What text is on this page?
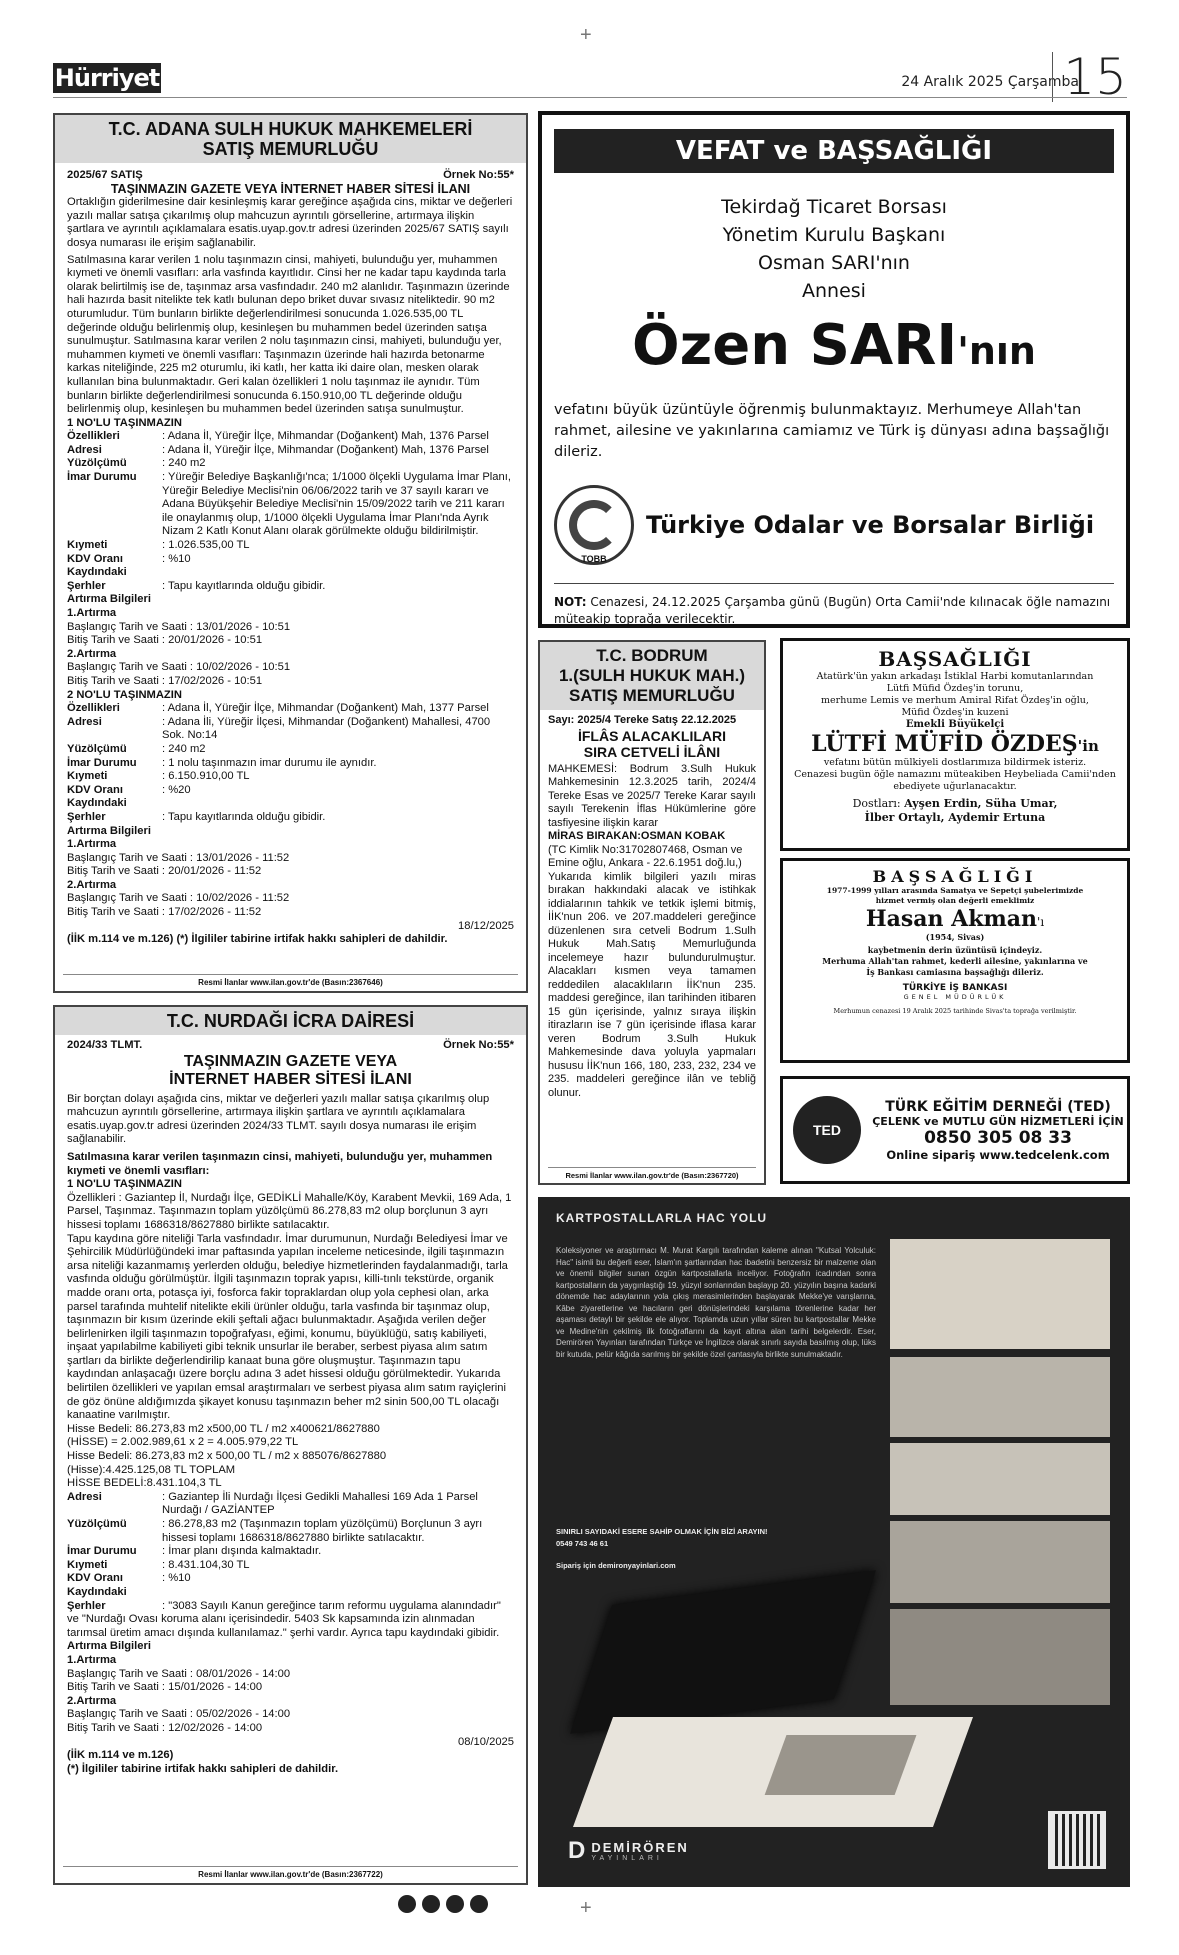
+
Hürriyet	24 Aralık 2025 Çarşamba
15
T.C. ADANA SULH HUKUK MAHKEMELERİ
SATIŞ MEMURLUĞU
2025/67 SATIŞ	Örnek No:55*
TAŞINMAZIN GAZETE VEYA İNTERNET HABER SİTESİ İLANI

Ortaklığın giderilmesine dair kesinleşmiş karar gereğince aşağıda cins, miktar ve değerleri yazılı mallar satışa çıkarılmış olup mahcuzun ayrıntılı görsellerine, artırmaya ilişkin şartlara ve ayrıntılı açıklamalara esatis.uyap.gov.tr adresi üzerinden 2025/67 SATIŞ sayılı dosya numarası ile erişim sağlanabilir.

Satılmasına karar verilen 1 nolu taşınmazın cinsi, mahiyeti, bulunduğu yer, muhammen kıymeti ve önemli vasıfları: arla vasfında kayıtlıdır. Cinsi her ne kadar tapu kaydında tarla olarak belirtilmiş ise de, taşınmaz arsa vasfındadır. 240 m2 alanlıdır. Taşınmazın üzerinde hali hazırda basit nitelikte tek katlı bulunan depo briket duvar sıvasız niteliktedir. 90 m2 oturumludur. Tüm bunların birlikte değerlendirilmesi sonucunda 1.026.535,00 TL değerinde olduğu belirlenmiş olup, kesinleşen bu muhammen bedel üzerinden satışa sunulmuştur. Satılmasına karar verilen 2 nolu taşınmazın cinsi, mahiyeti, bulunduğu yer, muhammen kıymeti ve önemli vasıfları: Taşınmazın üzerinde hali hazırda betonarme karkas niteliğinde, 225 m2 oturumlu, iki katlı, her katta iki daire olan, mesken olarak kullanılan bina bulunmaktadır. Geri kalan özellikleri 1 nolu taşınmaz ile aynıdır. Tüm bunların birlikte değerlendirilmesi sonucunda 6.150.910,00 TL değerinde olduğu belirlenmiş olup, kesinleşen bu muhammen bedel üzerinden satışa sunulmuştur.

1 NO'LU TAŞINMAZIN
Özellikleri	: Adana İl, Yüreğir İlçe, Mihmandar (Doğankent) Mah, 1376 Parsel
Adresi	: Adana İl, Yüreğir İlçe, Mihmandar (Doğankent) Mah, 1376 Parsel
Yüzölçümü	: 240 m2
İmar Durumu	: Yüreğir Belediye Başkanlığı'nca; 1/1000 ölçekli Uygulama İmar Planı, Yüreğir Belediye Meclisi'nin 06/06/2022 tarih ve 37 sayılı kararı ve Adana Büyükşehir Belediye Meclisi'nin 15/09/2022 tarih ve 211 kararı ile onaylanmış olup, 1/1000 ölçekli Uygulama İmar Planı'nda Ayrık Nizam 2 Katlı Konut Alanı olarak görülmekte olduğu bildirilmiştir.
Kıymeti	: 1.026.535,00 TL
KDV Oranı	: %10
Kaydındaki
Şerhler	: Tapu kayıtlarında olduğu gibidir.
Artırma Bilgileri
1.Artırma
Başlangıç Tarih ve Saati : 13/01/2026 - 10:51
Bitiş Tarih ve Saati : 20/01/2026 - 10:51
2.Artırma
Başlangıç Tarih ve Saati : 10/02/2026 - 10:51
Bitiş Tarih ve Saati : 17/02/2026 - 10:51
2 NO'LU TAŞINMAZIN
Özellikleri	: Adana İl, Yüreğir İlçe, Mihmandar (Doğankent) Mah, 1377 Parsel
Adresi	: Adana İli, Yüreğir İlçesi, Mihmandar (Doğankent) Mahallesi, 4700 Sok. No:14
Yüzölçümü	: 240 m2
İmar Durumu	: 1 nolu taşınmazın imar durumu ile aynıdır.
Kıymeti	: 6.150.910,00 TL
KDV Oranı	: %20
Kaydındaki
Şerhler	: Tapu kayıtlarında olduğu gibidir.
Artırma Bilgileri
1.Artırma
Başlangıç Tarih ve Saati : 13/01/2026 - 11:52
Bitiş Tarih ve Saati : 20/01/2026 - 11:52
2.Artırma
Başlangıç Tarih ve Saati : 10/02/2026 - 11:52
Bitiş Tarih ve Saati : 17/02/2026 - 11:52
18/12/2025
(İİK m.114 ve m.126) (*) İlgililer tabirine irtifak hakkı sahipleri de dahildir.
Resmi İlanlar www.ilan.gov.tr'de (Basın:2367646)
T.C. NURDAĞI İCRA DAİRESİ
2024/33 TLMT.	Örnek No:55*
TAŞINMAZIN GAZETE VEYA
İNTERNET HABER SİTESİ İLANI

Bir borçtan dolayı aşağıda cins, miktar ve değerleri yazılı mallar satışa çıkarılmış olup mahcuzun ayrıntılı görsellerine, artırmaya ilişkin şartlara ve ayrıntılı açıklamalara esatis.uyap.gov.tr adresi üzerinden 2024/33 TLMT. sayılı dosya numarası ile erişim sağlanabilir.

Satılmasına karar verilen taşınmazın cinsi, mahiyeti, bulunduğu yer, muhammen kıymeti ve önemli vasıfları:

1 NO'LU TAŞINMAZIN

Özellikleri : Gaziantep İl, Nurdağı İlçe, GEDİKLİ Mahalle/Köy, Karabent Mevkii, 169 Ada, 1 Parsel, Taşınmaz. Taşınmazın toplam yüzölçümü 86.278,83 m2 olup borçlunun 3 ayrı hissesi toplamı 1686318/8627880 birlikte satılacaktır.

Tapu kaydına göre niteliği Tarla vasfındadır. İmar durumunun, Nurdağı Belediyesi İmar ve Şehircilik Müdürlüğündeki imar paftasında yapılan inceleme neticesinde, ilgili taşınmazın arsa niteliği kazanmamış yerlerden olduğu, belediye hizmetlerinden faydalanmadığı, tarla vasfında olduğu görülmüştür. İlgili taşınmazın toprak yapısı, killi-tınlı tekstürde, organik madde oranı orta, potasça iyi, fosforca fakir topraklardan olup yola cephesi olan, arka parsel tarafında muhtelif nitelikte ekili ürünler olduğu, tarla vasfında bir taşınmaz olup, taşınmazın bir kısım üzerinde ekili şeftali ağacı bulunmaktadır. Aşağıda verilen değer belirlenirken ilgili taşınmazın topoğrafyası, eğimi, konumu, büyüklüğü, satış kabiliyeti, inşaat yapılabilme kabiliyeti gibi teknik unsurlar ile beraber, serbest piyasa alım satım şartları da birlikte değerlendirilip kanaat buna göre oluşmuştur. Taşınmazın tapu kaydından anlaşacağı üzere borçlu adına 3 adet hissesi olduğu görülmektedir. Yukarıda belirtilen özellikleri ve yapılan emsal araştırmaları ve serbest piyasa alım satım rayiçlerini de göz önüne aldığımızda şikayet konusu taşınmazın beher m2 sinin 500,00 TL olacağı kanaatine varılmıştır.

Hisse Bedeli: 86.273,83 m2 x500,00 TL / m2 x400621/8627880
(HİSSE) = 2.002.989,61 x 2 = 4.005.979,22 TL
Hisse Bedeli: 86.273,83 m2 x 500,00 TL / m2 x 885076/8627880
(Hisse):4.425.125,08 TL TOPLAM
HİSSE BEDELİ:8.431.104,3 TL
Adresi	: Gaziantep İli Nurdağı İlçesi Gedikli Mahallesi 169 Ada 1 Parsel Nurdağı / GAZİANTEP
Yüzölçümü	: 86.278,83 m2 (Taşınmazın toplam yüzölçümü) Borçlunun 3 ayrı hissesi toplamı 1686318/8627880 birlikte satılacaktır.
İmar Durumu	: İmar planı dışında kalmaktadır.
Kıymeti	: 8.431.104,30 TL
KDV Oranı	: %10
Kaydındaki
Şerhler	: "3083 Sayılı Kanun gereğince tarım reformu uygulama alanındadır"

ve "Nurdağı Ovası koruma alanı içerisindedir. 5403 Sk kapsamında izin alınmadan tarımsal üretim amacı dışında kullanılamaz." şerhi vardır. Ayrıca tapu kaydındaki gibidir.

Artırma Bilgileri
1.Artırma
Başlangıç Tarih ve Saati : 08/01/2026 - 14:00
Bitiş Tarih ve Saati : 15/01/2026 - 14:00
2.Artırma
Başlangıç Tarih ve Saati : 05/02/2026 - 14:00
Bitiş Tarih ve Saati : 12/02/2026 - 14:00
08/10/2025
(İİK m.114 ve m.126)
(*) İlgililer tabirine irtifak hakkı sahipleri de dahildir.
Resmi İlanlar www.ilan.gov.tr'de (Basın:2367722)
VEFAT ve BAŞSAĞLIĞI
Tekirdağ Ticaret Borsası
Yönetim Kurulu Başkanı
Osman SARI'nın
Annesi
Özen SARI'nın

vefatını büyük üzüntüyle öğrenmiş bulunmaktayız. Merhumeye Allah'tan rahmet, ailesine ve yakınlarına camiamız ve Türk iş dünyası adına başsağlığı dileriz.

TOBB
Türkiye Odalar ve Borsalar Birliği
NOT: Cenazesi, 24.12.2025 Çarşamba günü (Bugün) Orta Camii'nde kılınacak öğle namazını müteakip toprağa verilecektir.
T.C. BODRUM
1.(SULH HUKUK MAH.)
SATIŞ MEMURLUĞU
Sayı: 2025/4 Tereke Satış 22.12.2025
İFLÂS ALACAKLILARI
SIRA CETVELİ İLÂNI

MAHKEMESİ: Bodrum 3.Sulh Hukuk Mahkemesinin 12.3.2025 tarih, 2024/4 Tereke Esas ve 2025/7 Tereke Karar sayılı sayılı Terekenin İflas Hükümlerine göre tasfiyesine ilişkin karar

MİRAS BIRAKAN:OSMAN KOBAK

(TC Kimlik No:31702807468, Osman ve Emine oğlu, Ankara - 22.6.1951 doğ.lu,)

Yukarıda kimlik bilgileri yazılı miras bırakan hakkındaki alacak ve istihkak iddialarının tahkik ve tetkik işlemi bitmiş, İİK'nun 206. ve 207.maddeleri gereğince düzenlenen sıra cetveli Bodrum 1.Sulh Hukuk Mah.Satış Memurluğunda incelemeye hazır bulundurulmuştur. Alacakları kısmen veya tamamen reddedilen alacaklıların İİK'nun 235. maddesi gereğince, ilan tarihinden itibaren 15 gün içerisinde, yalnız sıraya ilişkin itirazların ise 7 gün içerisinde iflasa karar veren Bodrum 3.Sulh Hukuk Mahkemesinde dava yoluyla yapmaları hususu İİK'nun 166, 180, 233, 232, 234 ve 235. maddeleri gereğince ilân ve tebliğ olunur.

Resmi İlanlar www.ilan.gov.tr'de (Basın:2367720)
BAŞSAĞLIĞI
Atatürk'ün yakın arkadaşı İstiklal Harbi komutanlarından
Lütfi Müfid Özdeş'in torunu,
merhume Lemis ve merhum Amiral Rifat Özdeş'in oğlu,
Müfid Özdeş'in kuzeni
Emekli Büyükelçi
LÜTFİ MÜFİD ÖZDEŞ'in
vefatını bütün mülkiyeli dostlarımıza bildirmek isteriz.
Cenazesi bugün öğle namazını müteakiben Heybeliada Camii'nden ebediyete uğurlanacaktır.
Dostları: Ayşen Erdin, Süha Umar,
İlber Ortaylı, Aydemir Ertuna
BAŞSAĞLIĞI
1977-1999 yılları arasında Samatya ve Sepetçi şubelerimizde
hizmet vermiş olan değerli emeklimiz
Hasan Akman'ı
(1954, Sivas)
kaybetmenin derin üzüntüsü içindeyiz.
Merhuma Allah'tan rahmet, kederli ailesine, yakınlarına ve
İş Bankası camiasına başsağlığı dileriz.
TÜRKİYE İŞ BANKASI
GENEL MÜDÜRLÜK
Merhumun cenazesi 19 Aralık 2025 tarihinde Sivas'ta toprağa verilmiştir.
TED
TÜRK EĞİTİM DERNEĞİ (TED)
ÇELENK ve MUTLU GÜN HİZMETLERİ İÇİN
0850 305 08 33
Online sipariş www.tedcelenk.com
KARTPOSTALLARLA HAC YOLU

Koleksiyoner ve araştırmacı M. Murat Kargılı tarafından kaleme alınan "Kutsal Yolculuk: Hac" isimli bu değerli eser, İslam'ın şartlarından hac ibadetini benzersiz bir malzeme olan ve önemli bilgiler sunan özgün kartpostallarla inceliyor. Fotoğrafın icadından sonra kartpostalların da yaygınlaştığı 19. yüzyıl sonlarından başlayıp 20. yüzyılın başına kadarki dönemde hac adaylarının yola çıkış merasimlerinden başlayarak Mekke'ye varışlarına, Kâbe ziyaretlerine ve hacıların geri dönüşlerindeki karşılama törenlerine kadar her aşaması detaylı bir şekilde ele alıyor. Toplamda uzun yıllar süren bu kartpostallar Mekke ve Medine'nin çekilmiş ilk fotoğraflarını da kayıt altına alan tarihi belgelerdir. Eser, Demirören Yayınları tarafından Türkçe ve İngilizce olarak sınırlı sayıda basılmış olup, lüks bir kutuda, pelür kâğıda sarılmış bir şekilde özel çantasıyla birlikte sunulmaktadır.

SINIRLI SAYIDAKİ ESERE SAHİP OLMAK İÇİN BİZİ ARAYIN!
0549 743 46 61
Sipariş için demironyayinlari.com
D DEMİRÖREN
YAYINLARI
+
